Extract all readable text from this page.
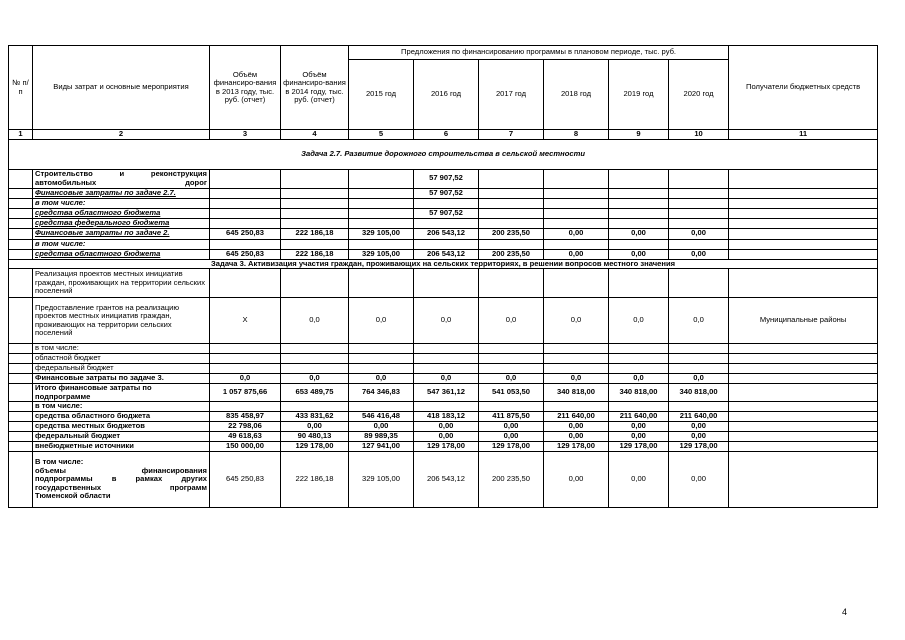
№ п/п	Виды затрат и основные мероприятия	Объём финансиро-вания в 2013 году, тыс. руб. (отчет)	Объём финансиро-вания в 2014 году, тыс. руб. (отчет)	Предложения по финансированию программы в плановом периоде, тыс. руб.						Получатели бюджетных средств
				2015 год	2016 год	2017 год	2018 год	2019 год	2020 год	
1	2	3	4	5	6	7	8	9	10	11
Задача 2.7. Развитие дорожного строительства в сельской местности										
	Строительство и реконструкция автомобильных дорог				57 907,52					
	Финансовые затраты по задаче 2.7.				57 907,52					
	в том числе:									
	средства областного бюджета				57 907,52					
	средства федерального бюджета									
	Финансовые затраты по задаче 2.	645 250,83	222 186,18	329 105,00	206 543,12	200 235,50	0,00	0,00	0,00	
	в том числе:									
	средства областного бюджета	645 250,83	222 186,18	329 105,00	206 543,12	200 235,50	0,00	0,00	0,00	
Задача 3. Активизация участия граждан, проживающих на сельских территориях, в решении вопросов местного значения										
	Реализация проектов местных инициатив граждан, проживающих на территории сельских поселений									
	Предоставление грантов на реализацию проектов местных инициатив граждан, проживающих на территории сельских поселений	X	0,0	0,0	0,0	0,0	0,0	0,0	0,0	Муниципальные районы
	в том числе:									
	областной бюджет									
	федеральный бюджет									
	Финансовые затраты по задаче 3.	0,0	0,0	0,0	0,0	0,0	0,0	0,0	0,0	
	Итого финансовые затраты по подпрограмме	1 057 875,66	653 489,75	764 346,83	547 361,12	541 053,50	340 818,00	340 818,00	340 818,00	
	в том числе:									
	средства областного бюджета	835 458,97	433 831,62	546 416,48	418 183,12	411 875,50	211 640,00	211 640,00	211 640,00	
	средства местных бюджетов	22 798,06	0,00	0,00	0,00	0,00	0,00	0,00	0,00	
	федеральный бюджет	49 618,63	90 480,13	89 989,35	0,00	0,00	0,00	0,00	0,00	
	внебюджетные источники	150 000,00	129 178,00	127 941,00	129 178,00	129 178,00	129 178,00	129 178,00	129 178,00	

	В том числе:
объемы финансирования
подпрограммы в рамках других
государственных программ
Тюменской области	645 250,83	222 186,18	329 105,00	206 543,12	200 235,50	0,00	0,00	0,00	
4
